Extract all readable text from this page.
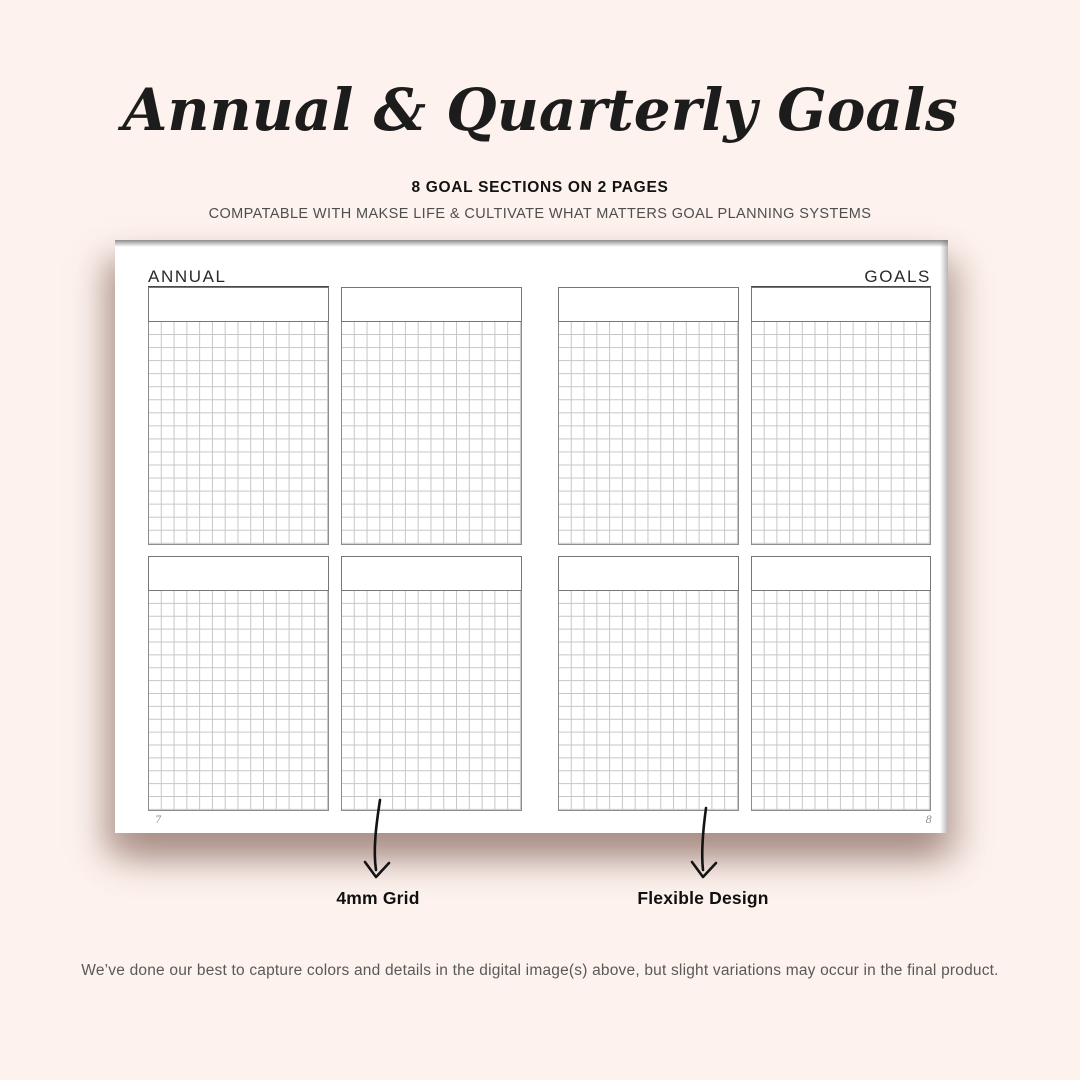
Annual & Quarterly Goals
8 GOAL SECTIONS ON 2 PAGES
COMPATABLE WITH MAKSE LIFE & CULTIVATE WHAT MATTERS GOAL PLANNING SYSTEMS
ANNUAL	GOALS
7	8
4mm Grid	Flexible Design
We’ve done our best to capture colors and details in the digital image(s) above, but slight variations may occur in the final product.
